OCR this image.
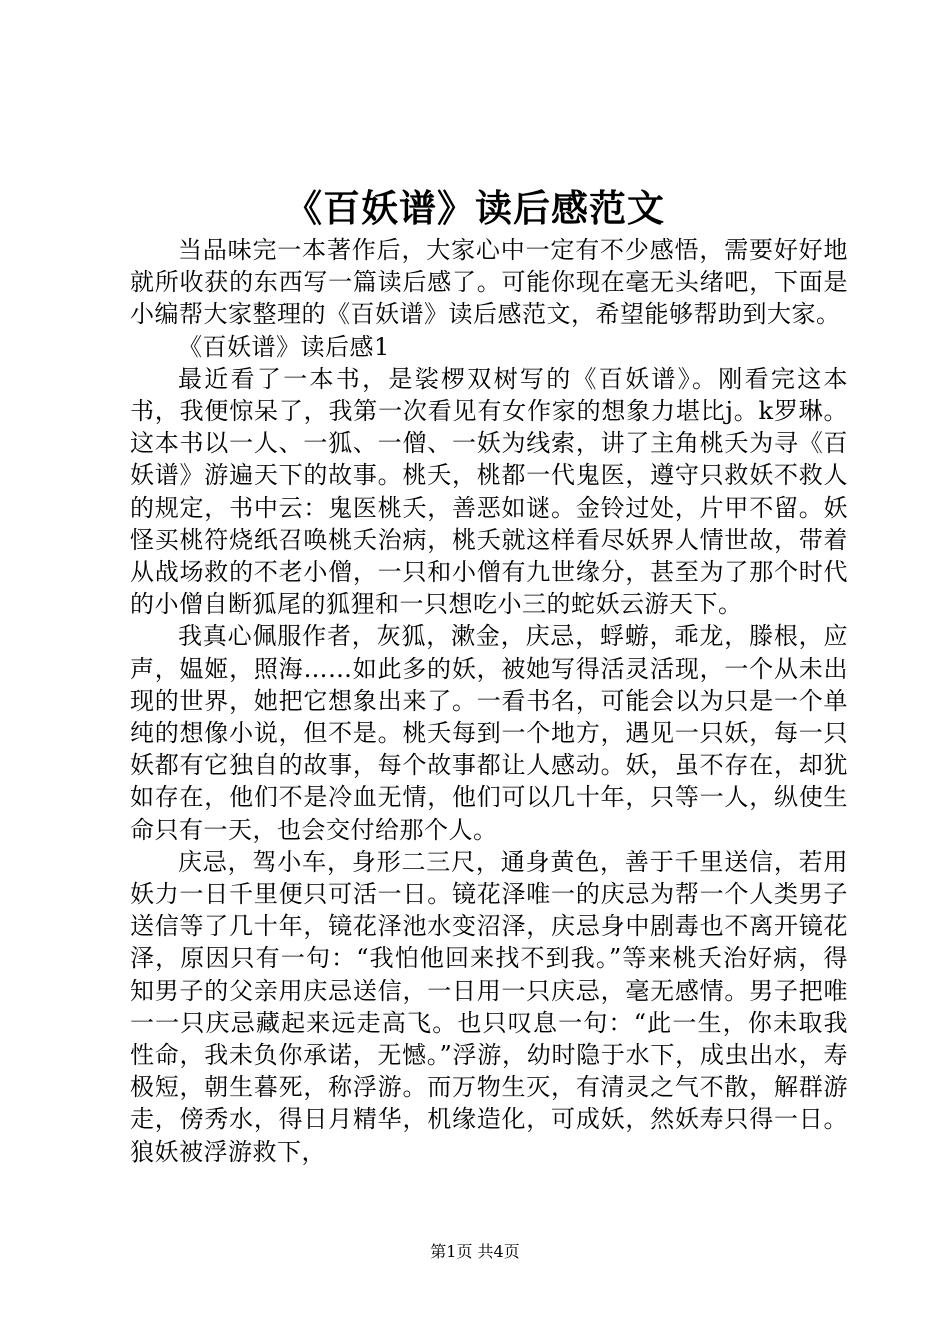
《百妖谱》读后感范文

当品味完一本著作后，大家心中一定有不少感悟，需要好好地就所收获的东西写一篇读后感了。可能你现在毫无头绪吧，下面是小编帮大家整理的《百妖谱》读后感范文，希望能够帮助到大家。

《百妖谱》读后感1

最近看了一本书，是裟椤双树写的《百妖谱》。刚看完这本书，我便惊呆了，我第一次看见有女作家的想象力堪比j。k罗琳。这本书以一人、一狐、一僧、一妖为线索，讲了主角桃夭为寻《百妖谱》游遍天下的故事。桃夭，桃都一代鬼医，遵守只救妖不救人的规定，书中云：鬼医桃夭，善恶如谜。金铃过处，片甲不留。妖怪买桃符烧纸召唤桃夭治病，桃夭就这样看尽妖界人情世故，带着从战场救的不老小僧，一只和小僧有九世缘分，甚至为了那个时代的小僧自断狐尾的狐狸和一只想吃小三的蛇妖云游天下。

我真心佩服作者，灰狐，漱金，庆忌，蜉蝣，乖龙，滕根，应声，媪姬，照海……如此多的妖，被她写得活灵活现，一个从未出现的世界，她把它想象出来了。一看书名，可能会以为只是一个单纯的想像小说，但不是。桃夭每到一个地方，遇见一只妖，每一只妖都有它独自的故事，每个故事都让人感动。妖，虽不存在，却犹如存在，他们不是冷血无情，他们可以几十年，只等一人，纵使生命只有一天，也会交付给那个人。

庆忌，驾小车，身形二三尺，通身黄色，善于千里送信，若用妖力一日千里便只可活一日。镜花泽唯一的庆忌为帮一个人类男子送信等了几十年，镜花泽池水变沼泽，庆忌身中剧毒也不离开镜花泽，原因只有一句：“我怕他回来找不到我。”等来桃夭治好病，得知男子的父亲用庆忌送信，一日用一只庆忌，毫无感情。男子把唯一一只庆忌藏起来远走高飞。也只叹息一句：“此一生，你未取我性命，我未负你承诺，无憾。”浮游，幼时隐于水下，成虫出水，寿极短，朝生暮死，称浮游。而万物生灭，有清灵之气不散，解群游走，傍秀水，得日月精华，机缘造化，可成妖，然妖寿只得一日。狼妖被浮游救下，

第1页 共4页
